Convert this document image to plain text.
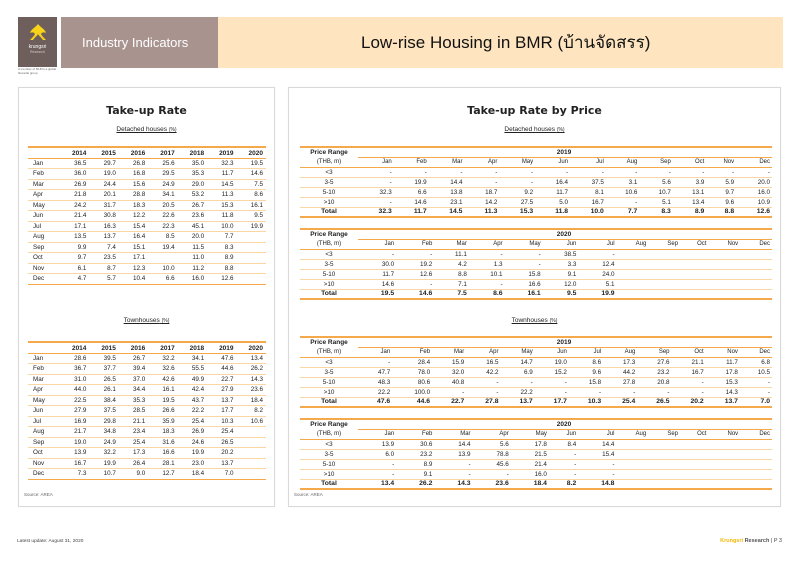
krungsri
Research
A member of MUFG a global financial group
Industry Indicators	Low-rise Housing in BMR (บ้านจัดสรร)
Take-up Rate
Detached houses (%)
	2014	2015	2016	2017	2018	2019	2020
Jan	36.5	29.7	26.8	25.6	35.0	32.3	19.5
Feb	36.0	19.0	16.8	29.5	35.3	11.7	14.6
Mar	26.9	24.4	15.6	24.9	29.0	14.5	7.5
Apr	21.8	20.1	28.8	34.1	53.2	11.3	8.6
May	24.2	31.7	18.3	20.5	26.7	15.3	16.1
Jun	21.4	30.8	12.2	22.6	23.6	11.8	9.5
Jul	17.1	16.3	15.4	22.3	45.1	10.0	19.9
Aug	13.5	13.7	16.4	8.5	20.0	7.7	
Sep	9.9	7.4	15.1	19.4	11.5	8.3	
Oct	9.7	23.5	17.1		11.0	8.9	
Nov	6.1	8.7	12.3	10.0	11.2	8.8	
Dec	4.7	5.7	10.4	6.6	16.0	12.6	
Townhouses (%)
	2014	2015	2016	2017	2018	2019	2020
Jan	28.6	39.5	26.7	32.2	34.1	47.6	13.4
Feb	36.7	37.7	39.4	32.6	55.5	44.6	26.2
Mar	31.0	26.5	37.0	42.6	49.9	22.7	14.3
Apr	44.0	26.1	34.4	16.1	42.4	27.9	23.6
May	22.5	38.4	35.3	19.5	43.7	13.7	18.4
Jun	27.9	37.5	28.5	26.6	22.2	17.7	8.2
Jul	16.9	29.8	21.1	35.9	25.4	10.3	10.6
Aug	21.7	34.8	23.4	18.3	26.9	25.4	
Sep	19.0	24.9	25.4	31.6	24.6	26.5	
Oct	13.9	32.2	17.3	16.6	19.9	20.2	
Nov	16.7	19.9	26.4	28.1	23.0	13.7	
Dec	7.3	10.7	9.0	12.7	18.4	7.0	
Source: AREA
Take-up Rate by Price
Detached houses (%)
Price Range	2019											
(THB, m)	Jan	Feb	Mar	Apr	May	Jun	Jul	Aug	Sep	Oct	Nov	Dec
<3	-	-	-	-	-	-	-	-	-	-	-	-
3-5	-	19.9	14.4	-	-	16.4	37.5	3.1	5.6	3.9	5.9	20.0
5-10	32.3	6.6	13.8	18.7	9.2	11.7	8.1	10.6	10.7	13.1	9.7	16.0
>10	-	14.6	23.1	14.2	27.5	5.0	16.7	-	5.1	13.4	9.6	10.9
Total	32.3	11.7	14.5	11.3	15.3	11.8	10.0	7.7	8.3	8.9	8.8	12.6
Price Range	2020											
(THB, m)	Jan	Feb	Mar	Apr	May	Jun	Jul	Aug	Sep	Oct	Nov	Dec
<3	-	-	11.1	-	-	38.5	-					
3-5	30.0	19.2	4.2	1.3	-	3.3	12.4					
5-10	11.7	12.6	8.8	10.1	15.8	9.1	24.0					
>10	14.6	-	7.1	-	16.6	12.0	5.1					
Total	19.5	14.6	7.5	8.6	16.1	9.5	19.9					
Townhouses (%)
Price Range	2019											
(THB, m)	Jan	Feb	Mar	Apr	May	Jun	Jul	Aug	Sep	Oct	Nov	Dec
<3	-	28.4	15.9	16.5	14.7	19.0	8.6	17.3	27.6	21.1	11.7	6.8
3-5	47.7	78.0	32.0	42.2	6.9	15.2	9.6	44.2	23.2	16.7	17.8	10.5
5-10	48.3	80.6	40.8	-	-	-	15.8	27.8	20.8	-	15.3	-
>10	22.2	100.0	-	-	22.2	-	-	-	-	-	14.3	-
Total	47.6	44.6	22.7	27.8	13.7	17.7	10.3	25.4	26.5	20.2	13.7	7.0
Price Range	2020											
(THB, m)	Jan	Feb	Mar	Apr	May	Jun	Jul	Aug	Sep	Oct	Nov	Dec
<3	13.9	30.6	14.4	5.6	17.8	8.4	14.4					
3-5	6.0	23.2	13.9	78.8	21.5	-	15.4					
5-10	-	8.9	-	45.6	21.4	-	-					
>10	-	9.1	-	-	16.0	-	-					
Total	13.4	26.2	14.3	23.6	18.4	8.2	14.8					
Source: AREA
Latest update: August 31, 2020	Krungsri Research | P 3
